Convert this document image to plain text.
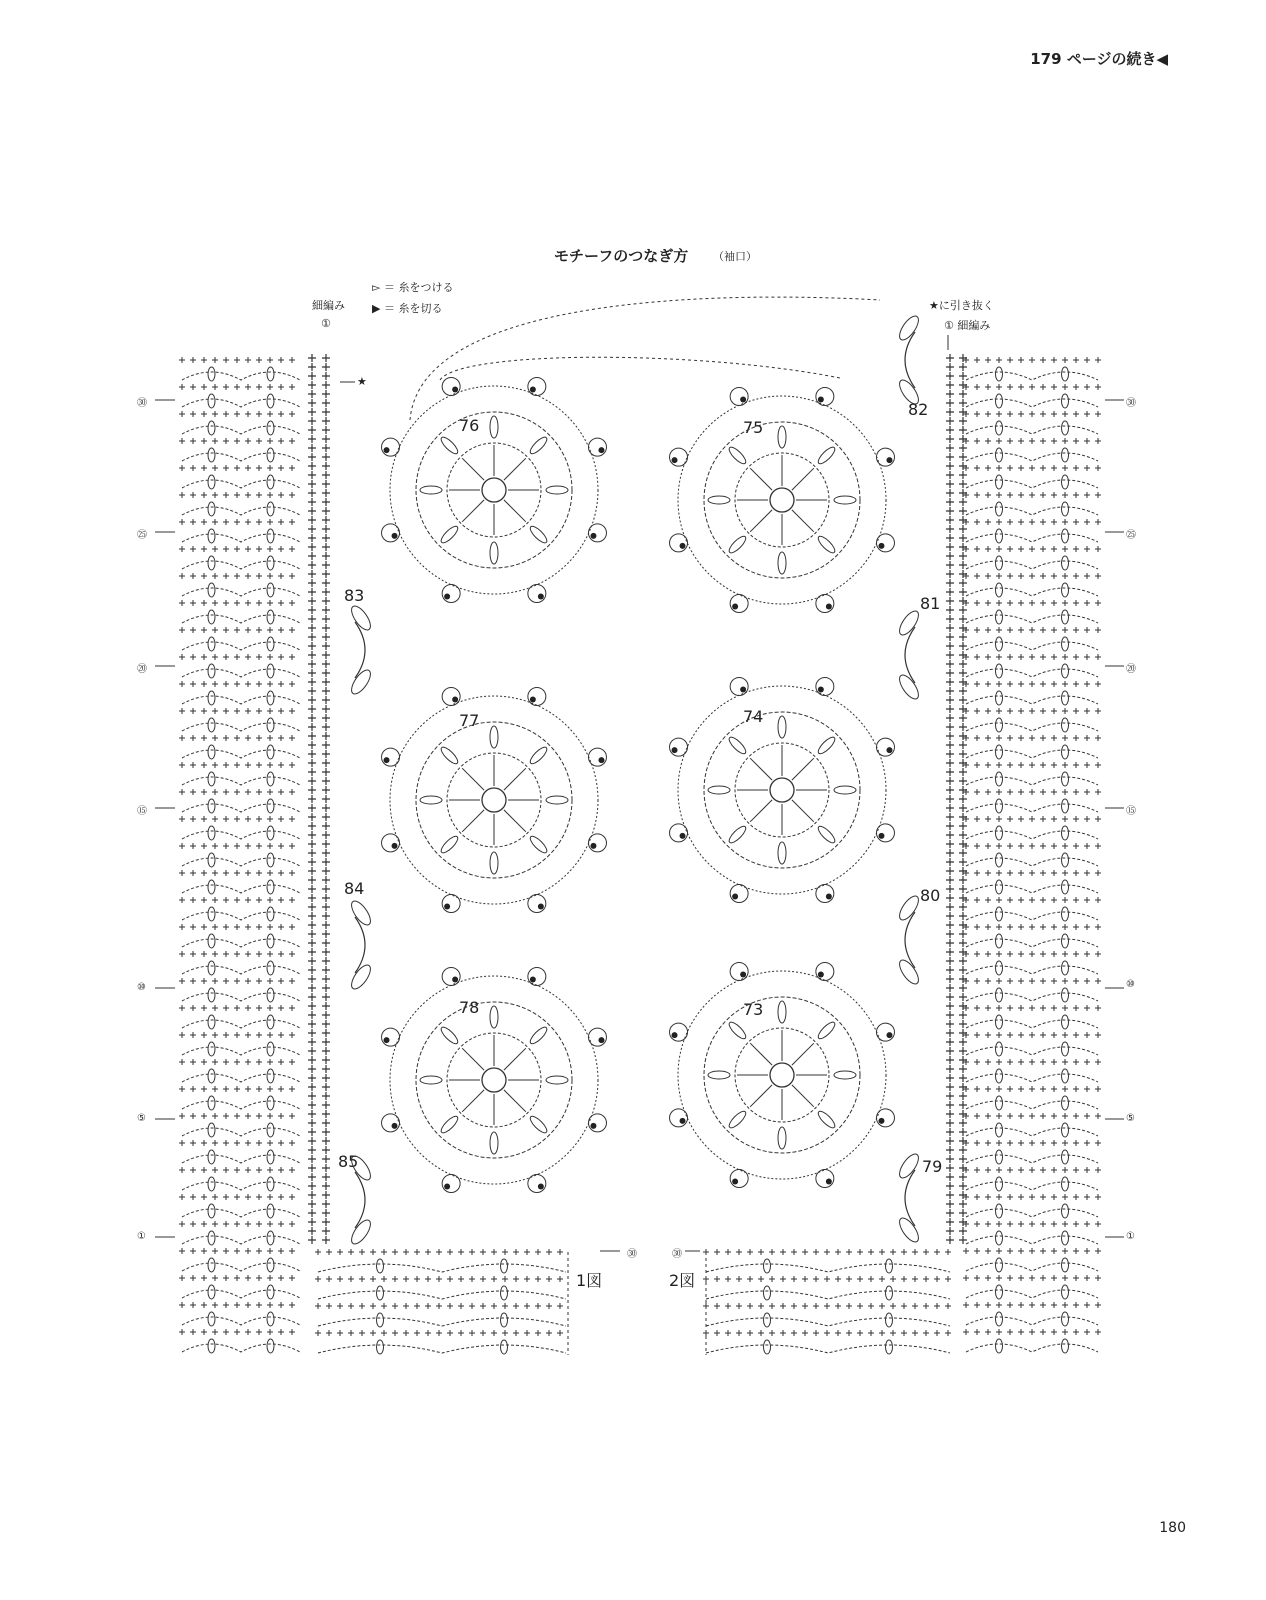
179 ページの続き◀
180
モチーフのつなぎ方 （袖口）
▻ ＝ 糸をつける
▶ ＝ 糸を切る
細編み
①
★
★に引き抜く
① 細編み
76
77
78
75
74
73
83
84
85
82
81
80
79
㉚
㉕
⑳
⑮
⑩
⑤
①
㉚
㉕
⑳
⑮
⑩
⑤
①
㉚	㉚
1図	2図
